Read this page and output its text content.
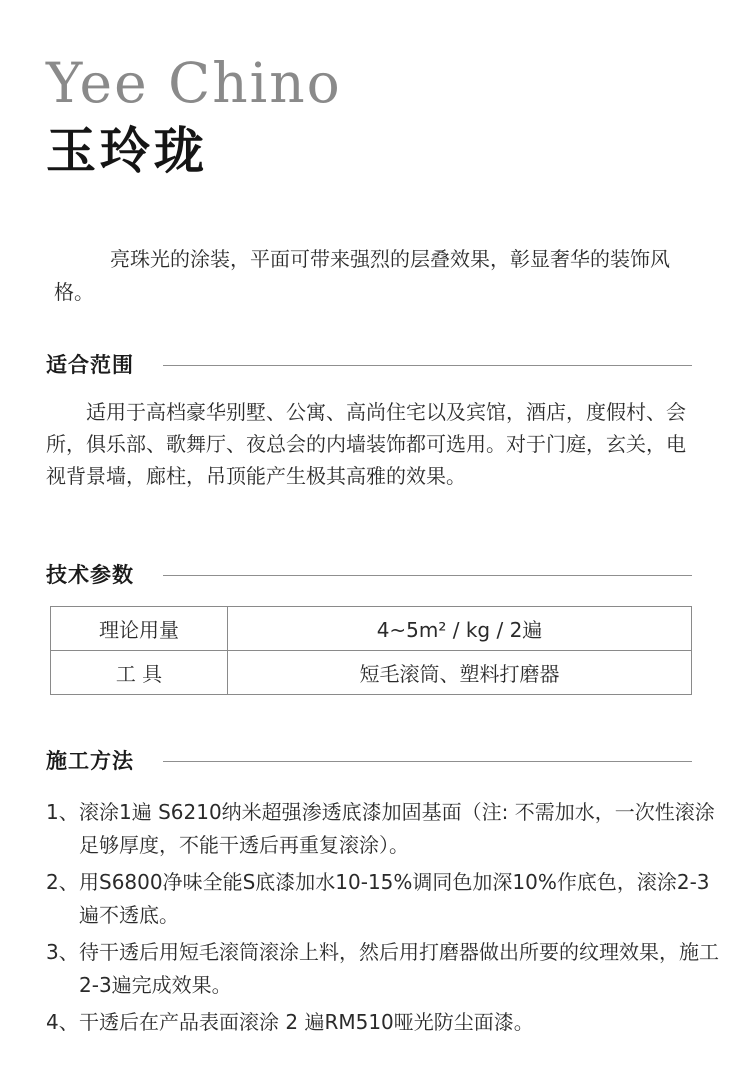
Yee Chino
玉玲珑

亮珠光的涂装，平面可带来强烈的层叠效果，彰显奢华的装饰风格。

适合范围

适用于高档豪华别墅、公寓、高尚住宅以及宾馆，酒店，度假村、会所，俱乐部、歌舞厅、夜总会的内墙装饰都可选用。对于门庭，玄关，电视背景墙，廊柱，吊顶能产生极其高雅的效果。

技术参数
理论用量	4~5m² / kg / 2遍
工 具	短毛滚筒、塑料打磨器
施工方法
1、 滚涂1遍 S6210纳米超强渗透底漆加固基面（注: 不需加水，一次性滚涂足够厚度，不能干透后再重复滚涂）。
2、 用S6800净味全能S底漆加水10-15%调同色加深10%作底色，滚涂2-3遍不透底。
3、 待干透后用短毛滚筒滚涂上料，然后用打磨器做出所要的纹理效果，施工2-3遍完成效果。
4、 干透后在产品表面滚涂 2 遍RM510哑光防尘面漆。
